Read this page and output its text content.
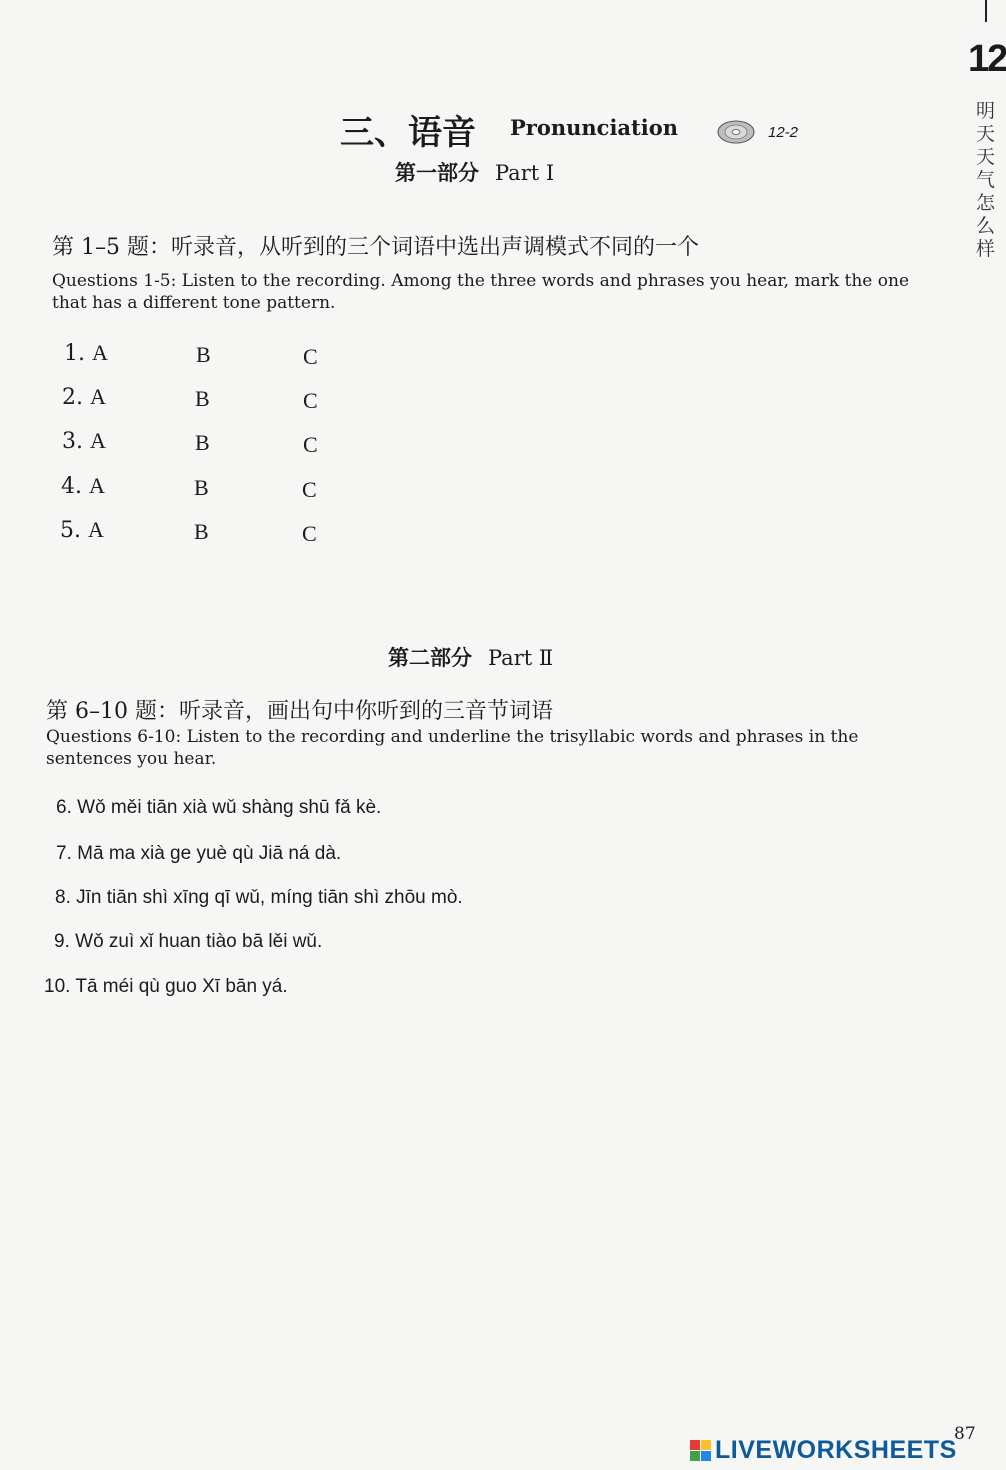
12
明天天气怎么样
三、语音 Pronunciation	12-2
第一部分 Part Ⅰ
第 1–5 题：听录音，从听到的三个词语中选出声调模式不同的一个
Questions 1-5: Listen to the recording. Among the three words and phrases you hear, mark the one that has a different tone pattern.
1. A	B	C
2. A	B	C
3. A	B	C
4. A	B	C
5. A	B	C
第二部分 Part Ⅱ
第 6–10 题：听录音，画出句中你听到的三音节词语
Questions 6-10: Listen to the recording and underline the trisyllabic words and phrases in the sentences you hear.
6. Wǒ měi tiān xià wǔ shàng shū fǎ kè.
7. Mā ma xià ge yuè qù Jiā ná dà.
8. Jīn tiān shì xīng qī wǔ, míng tiān shì zhōu mò.
9. Wǒ zuì xǐ huan tiào bā lěi wǔ.
10. Tā méi qù guo Xī bān yá.
87
LIVEWORKSHEETS
